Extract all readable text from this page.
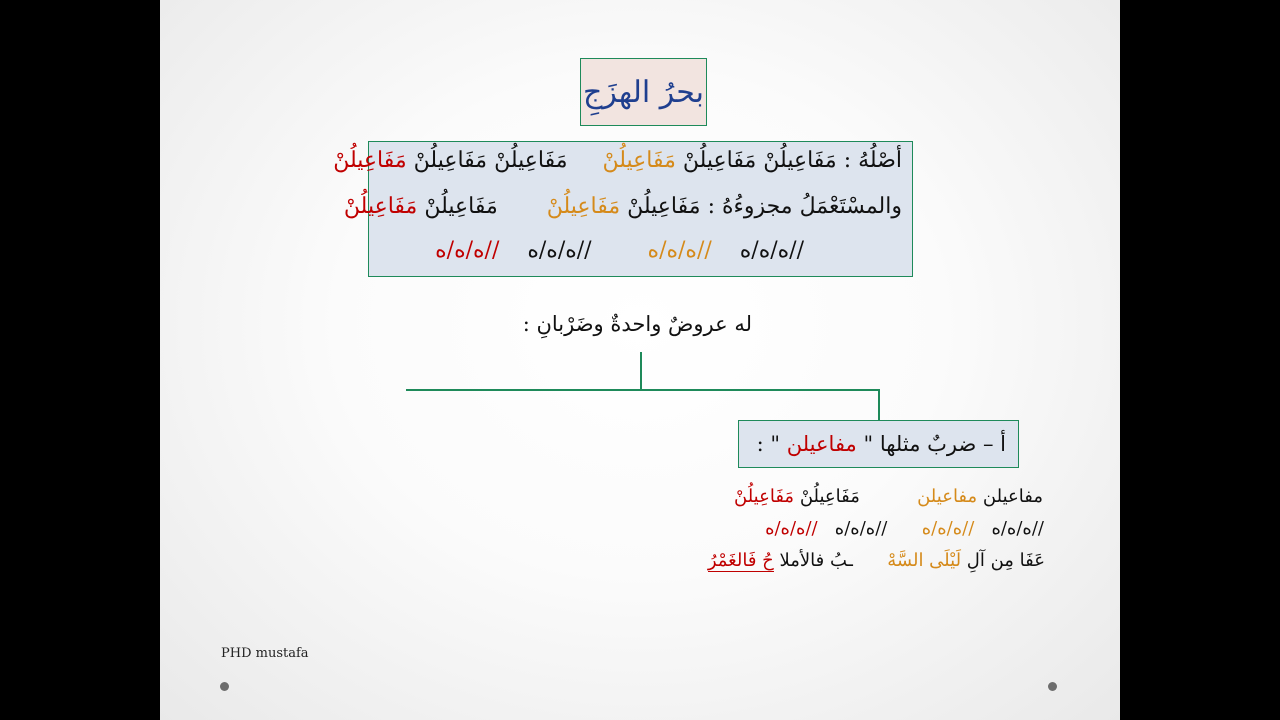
بحرُ الهزَجِ
أصْلُهُ : مَفَاعِيلُنْ مَفَاعِيلُنْ مَفَاعِيلُنْ     مَفَاعِيلُنْ مَفَاعِيلُنْ مَفَاعِيلُنْ
والمسْتَعْمَلُ مجزوءُهُ : مَفَاعِيلُنْ مَفَاعِيلُنْ       مَفَاعِيلُنْ مَفَاعِيلُنْ
//ه/ه/ه    //ه/ه/ه        //ه/ه/ه    //ه/ه/ه
له عروضٌ واحدةٌ وضَرْبانِ :
أ – ضربٌ مثلها " مفاعيلن " :
مفاعيلن مفاعيلن          مَفَاعِيلُنْ مَفَاعِيلُنْ
//ه/ه/ه   //ه/ه/ه      //ه/ه/ه   //ه/ه/ه
عَفَا مِن آلِ لَيْلَى السَّهْ      ـبُ فالأملا حُ فَالغَمْرُ
PHD mustafa
